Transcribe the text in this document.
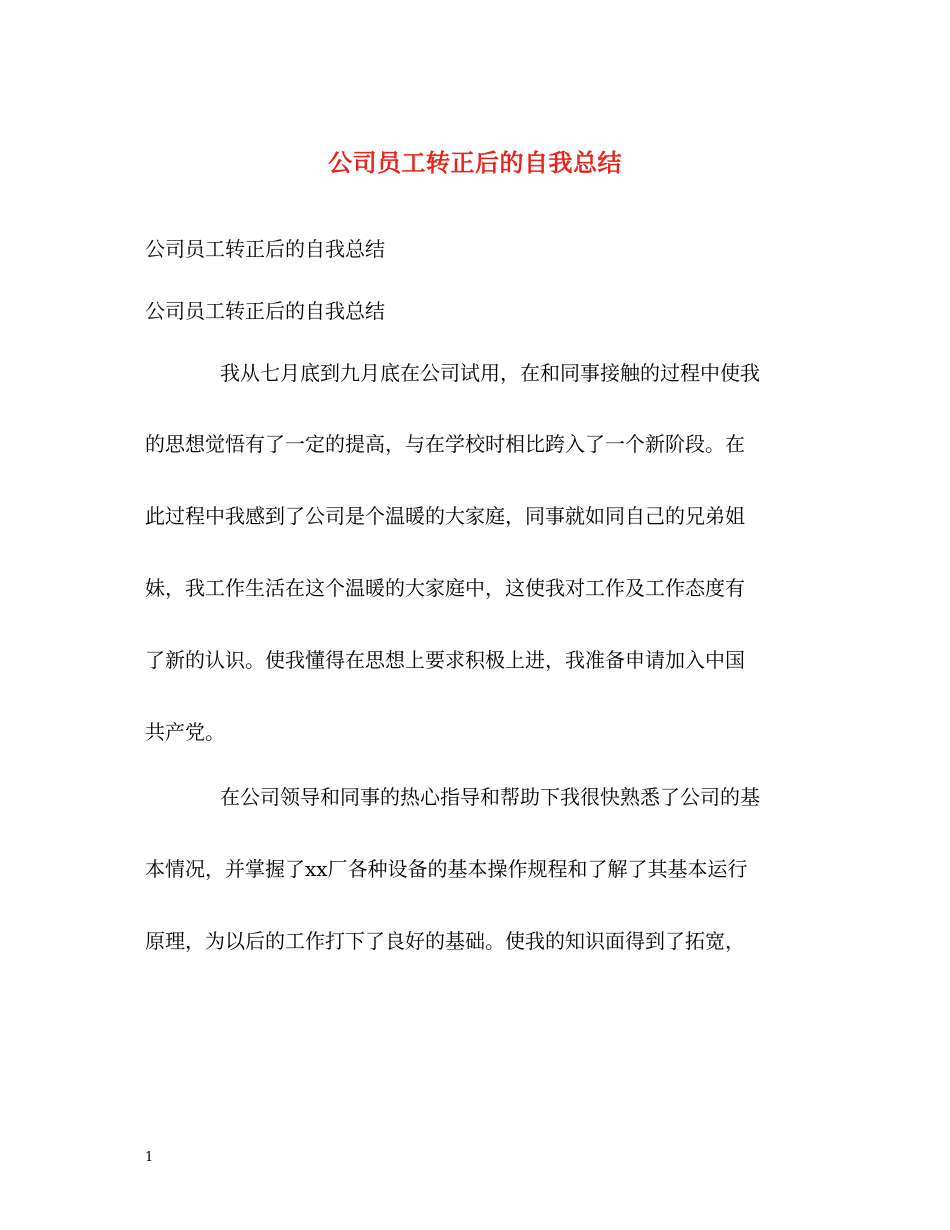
公司员工转正后的自我总结
公司员工转正后的自我总结
公司员工转正后的自我总结
我从七月底到九月底在公司试用，在和同事接触的过程中使我
的思想觉悟有了一定的提高，与在学校时相比跨入了一个新阶段。在
此过程中我感到了公司是个温暖的大家庭，同事就如同自己的兄弟姐
妹，我工作生活在这个温暖的大家庭中，这使我对工作及工作态度有
了新的认识。使我懂得在思想上要求积极上进，我准备申请加入中国
共产党。
在公司领导和同事的热心指导和帮助下我很快熟悉了公司的基
本情况，并掌握了xx厂各种设备的基本操作规程和了解了其基本运行
原理，为以后的工作打下了良好的基础。使我的知识面得到了拓宽，
1
